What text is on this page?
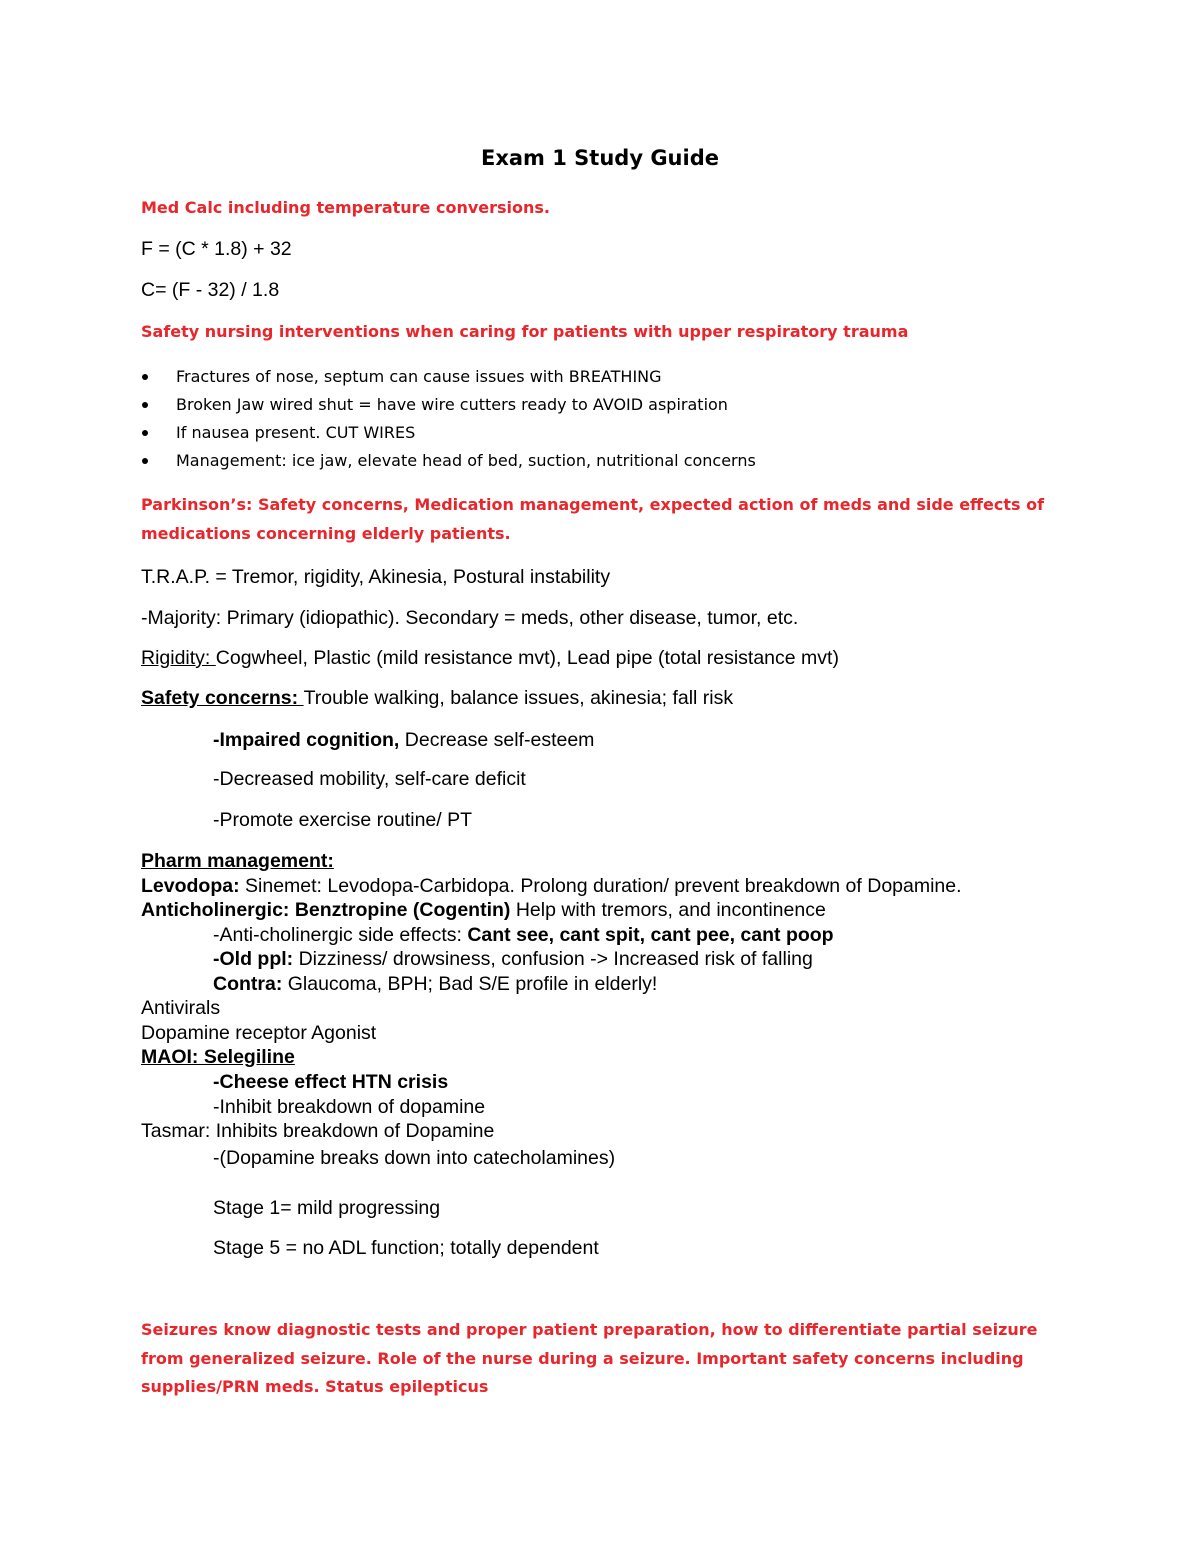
Exam 1 Study Guide
Med Calc including temperature conversions.
F = (C * 1.8) + 32
C= (F - 32) / 1.8
Safety nursing interventions when caring for patients with upper respiratory trauma
Fractures of nose, septum can cause issues with BREATHING
Broken Jaw wired shut = have wire cutters ready to AVOID aspiration
If nausea present. CUT WIRES
Management: ice jaw, elevate head of bed, suction, nutritional concerns
Parkinson’s: Safety concerns, Medication management, expected action of meds and side effects of
medications concerning elderly patients.
T.R.A.P. = Tremor, rigidity, Akinesia, Postural instability
-Majority: Primary (idiopathic). Secondary = meds, other disease, tumor, etc.
Rigidity: Cogwheel, Plastic (mild resistance mvt), Lead pipe (total resistance mvt)
Safety concerns: Trouble walking, balance issues, akinesia; fall risk
-Impaired cognition, Decrease self-esteem
-Decreased mobility, self-care deficit
-Promote exercise routine/ PT
Pharm management:
Levodopa: Sinemet: Levodopa-Carbidopa. Prolong duration/ prevent breakdown of Dopamine.
Anticholinergic: Benztropine (Cogentin) Help with tremors, and incontinence
-Anti-cholinergic side effects: Cant see, cant spit, cant pee, cant poop
-Old ppl: Dizziness/ drowsiness, confusion -> Increased risk of falling
Contra: Glaucoma, BPH; Bad S/E profile in elderly!
Antivirals
Dopamine receptor Agonist
MAOI: Selegiline
-Cheese effect HTN crisis
-Inhibit breakdown of dopamine
Tasmar: Inhibits breakdown of Dopamine
-(Dopamine breaks down into catecholamines)
Stage 1= mild progressing
Stage 5 = no ADL function; totally dependent
Seizures know diagnostic tests and proper patient preparation, how to differentiate partial seizure
from generalized seizure. Role of the nurse during a seizure. Important safety concerns including
supplies/PRN meds. Status epilepticus
